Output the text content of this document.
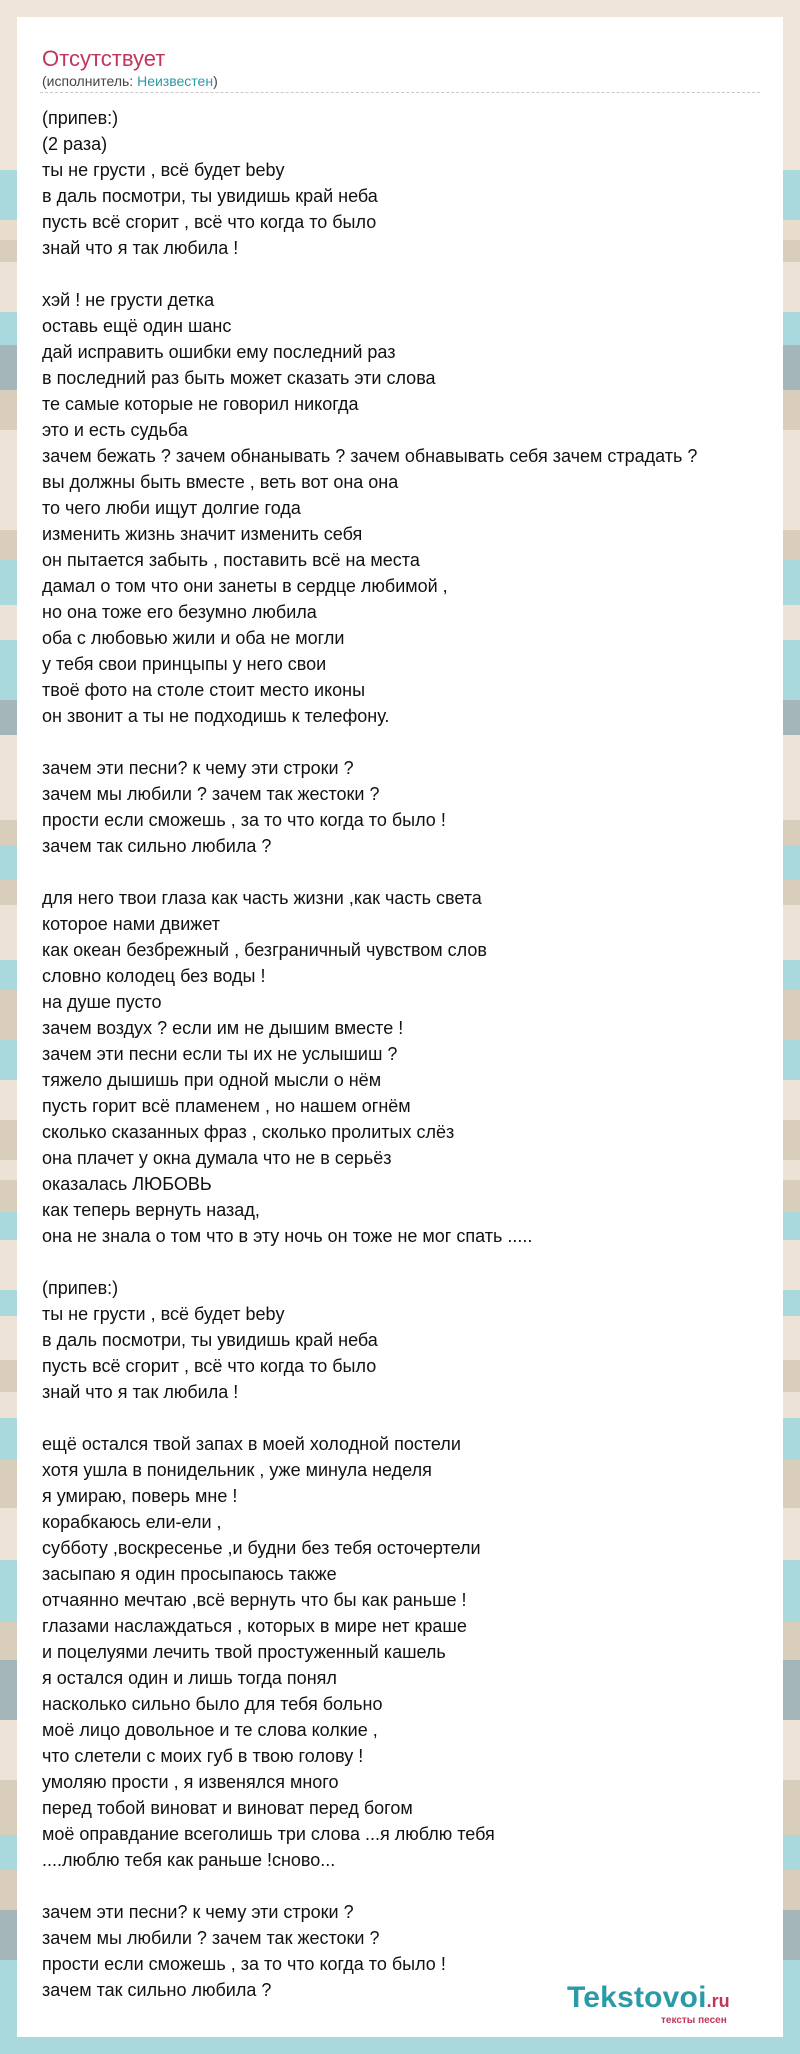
Отсутствует
(исполнитель: Неизвестен)
(припев:)
(2 раза)
ты не грусти , всё будет beby
в даль посмотри, ты увидишь край неба
пусть всё сгорит , всё что когда то было
знай что я так любила !
хэй ! не грусти детка
оставь ещё один шанс
дай исправить ошибки ему последний раз
в последний раз быть может сказать эти слова
те самые которые не говорил никогда
это и есть судьба
зачем бежать ? зачем обнанывать ? зачем обнавывать себя зачем страдать ?
вы должны быть вместе , веть вот она она
то чего люби ищут долгие года
изменить жизнь значит изменить себя
он пытается забыть , поставить всё на места
дамал о том что они занеты в сердце любимой ,
но она тоже его безумно любила
оба с любовью жили и оба не могли
у тебя свои принцыпы у него свои
твоё фото на столе стоит место иконы
он звонит а ты не подходишь к телефону.
зачем эти песни? к чему эти строки ?
зачем мы любили ? зачем так жестоки ?
прости если сможешь , за то что когда то было !
зачем так сильно любила ?
для него твои глаза как часть жизни ,как часть света
которое нами движет
как океан безбрежный , безграничный чувством слов
словно колодец без воды !
на душе пусто
зачем воздух ? если им не дышим вместе !
зачем эти песни если ты их не услышиш ?
тяжело дышишь при одной мысли о нём
пусть горит всё пламенем , но нашем огнём
сколько сказанных фраз , сколько пролитых слёз
она плачет у окна думала что не в серьёз
оказалась ЛЮБОВЬ
как теперь вернуть назад,
она не знала о том что в эту ночь он тоже не мог спать .....
(припев:)
ты не грусти , всё будет beby
в даль посмотри, ты увидишь край неба
пусть всё сгорит , всё что когда то было
знай что я так любила !
ещё остался твой запах в моей холодной постели
хотя ушла в понидельник , уже минула неделя
я умираю, поверь мне !
корабкаюсь ели-ели ,
субботу ,воскресенье ,и будни без тебя осточертели
засыпаю я один просыпаюсь также
отчаянно мечтаю ,всё вернуть что бы как раньше !
глазами наслаждаться , которых в мире нет краше
и поцелуями лечить твой простуженный кашель
я остался один и лишь тогда понял
насколько сильно было для тебя больно
моё лицо довольное и те слова колкие ,
что слетели с моих губ в твою голову !
умоляю прости , я извенялся много
перед тобой виноват и виноват перед богом
моё оправдание всеголишь три слова ...я люблю тебя
....люблю тебя как раньше !сново...
зачем эти песни? к чему эти строки ?
зачем мы любили ? зачем так жестоки ?
прости если сможешь , за то что когда то было !
зачем так сильно любила ?	Tekstovoi.ru
тексты песен
